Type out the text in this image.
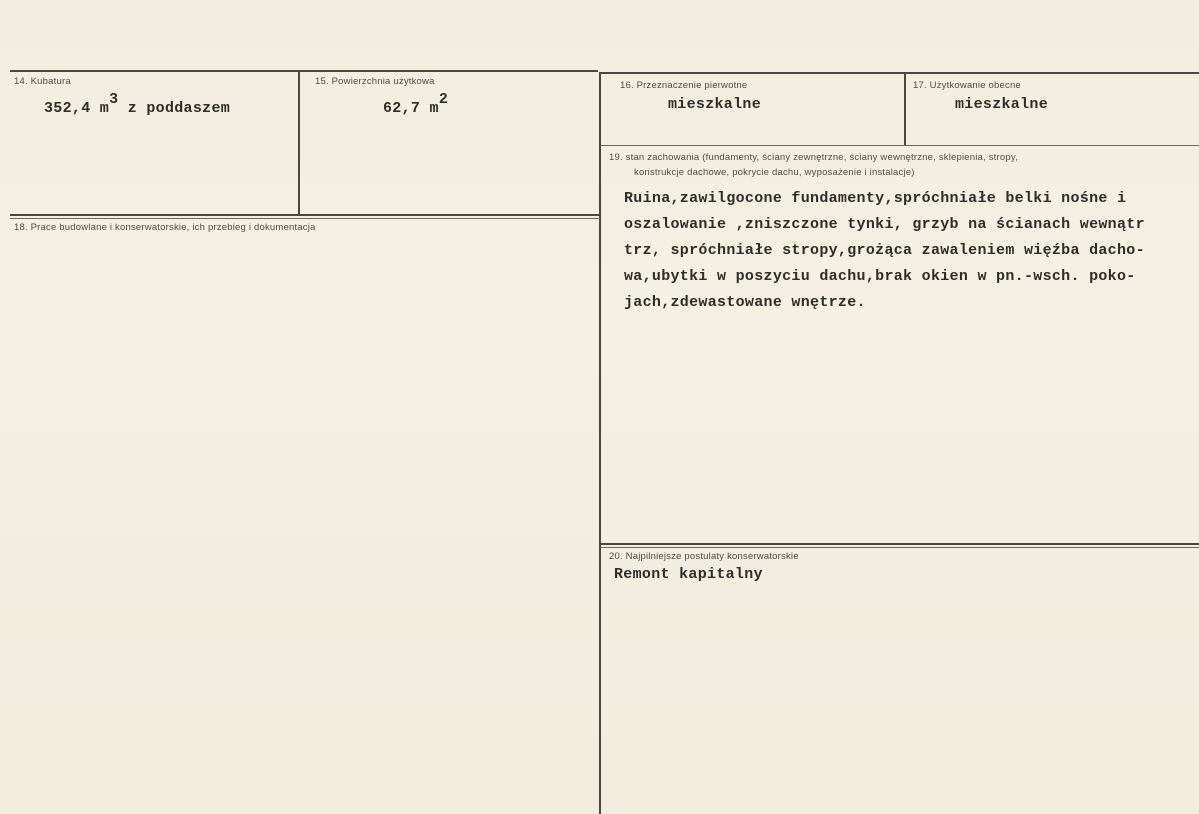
14. Kubatura
352,4 $m^3$ z poddaszem
15. Powierzchnia użytkowa
62,7 $m^2$
16. Przeznaczenie pierwotne
mieszkalne
17. Użytkowanie obecne
mieszkalne
18. Prace budowlane i konserwatorskie, ich przebieg i dokumentacja
19. stan zachowania (fundamenty, ściany zewnętrzne, ściany wewnętrzne, sklepienia, stropy,
konstrukcje dachowe, pokrycie dachu, wyposażenie i instalacje)
Ruina,zawilgocone fundamenty,spróchniałe belki nośne i
oszalowanie ,zniszczone tynki, grzyb na ścianach wewnątr
trz, spróchniałe stropy,grożąca zawaleniem więźba dacho-
wa,ubytki w poszyciu dachu,brak okien w pn.-wsch. poko-
jach,zdewastowane wnętrze.
20. Najpilniejsze postulaty konserwatorskie
Remont kapitalny
